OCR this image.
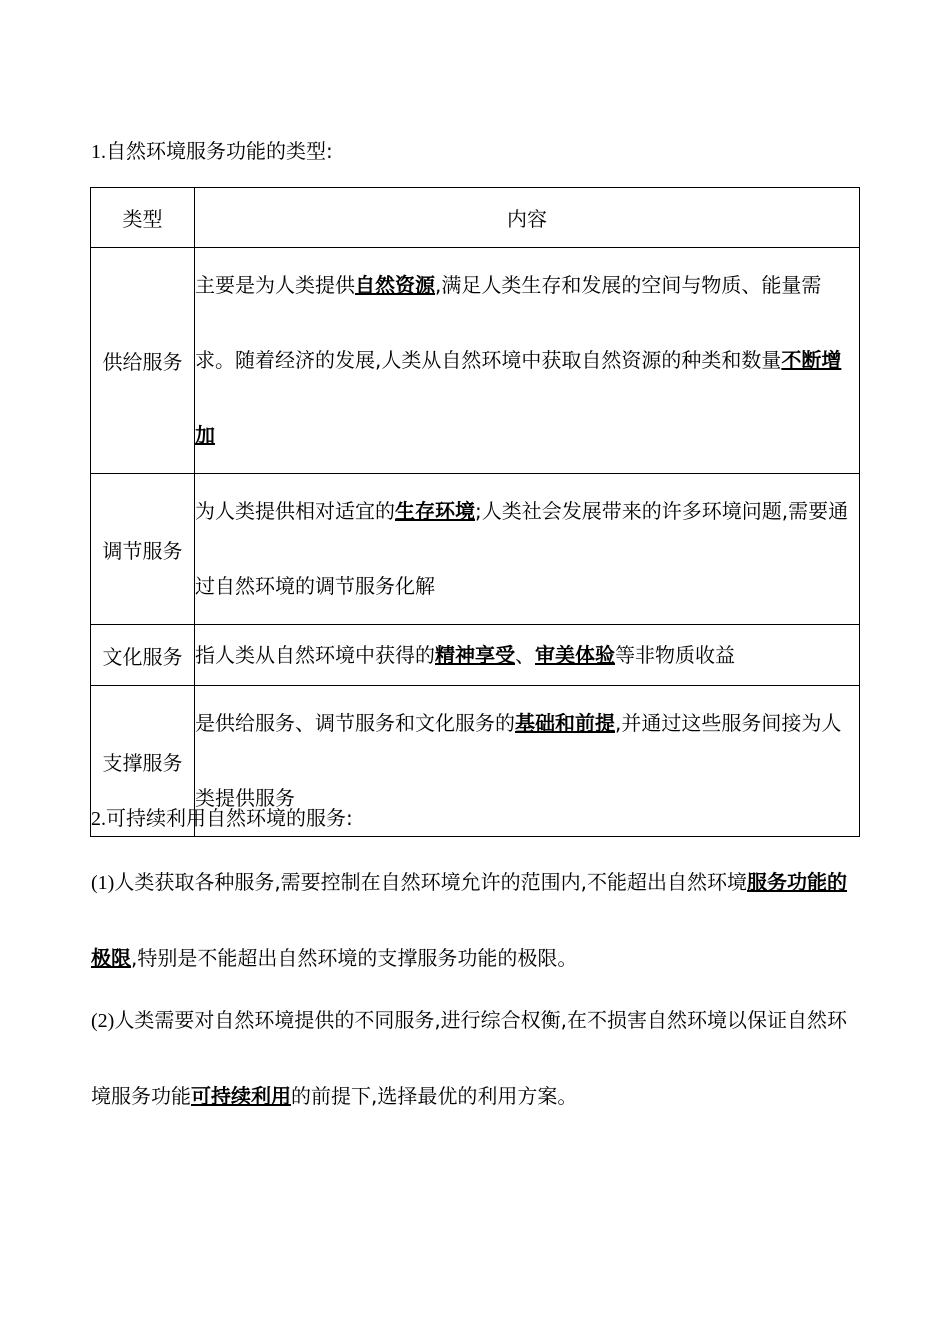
1.自然环境服务功能的类型:
类型	内容
供给服务	主要是为人类提供自然资源,满足人类生存和发展的空间与物质、能量需求。随着经济的发展,人类从自然环境中获取自然资源的种类和数量不断增加
调节服务	为人类提供相对适宜的生存环境;人类社会发展带来的许多环境问题,需要通过自然环境的调节服务化解
文化服务	指人类从自然环境中获得的精神享受、审美体验等非物质收益
支撑服务	是供给服务、调节服务和文化服务的基础和前提,并通过这些服务间接为人类提供服务
2.可持续利用自然环境的服务:
(1)人类获取各种服务,需要控制在自然环境允许的范围内,不能超出自然环境服务功能的极限,特别是不能超出自然环境的支撑服务功能的极限。
(2)人类需要对自然环境提供的不同服务,进行综合权衡,在不损害自然环境以保证自然环境服务功能可持续利用的前提下,选择最优的利用方案。
